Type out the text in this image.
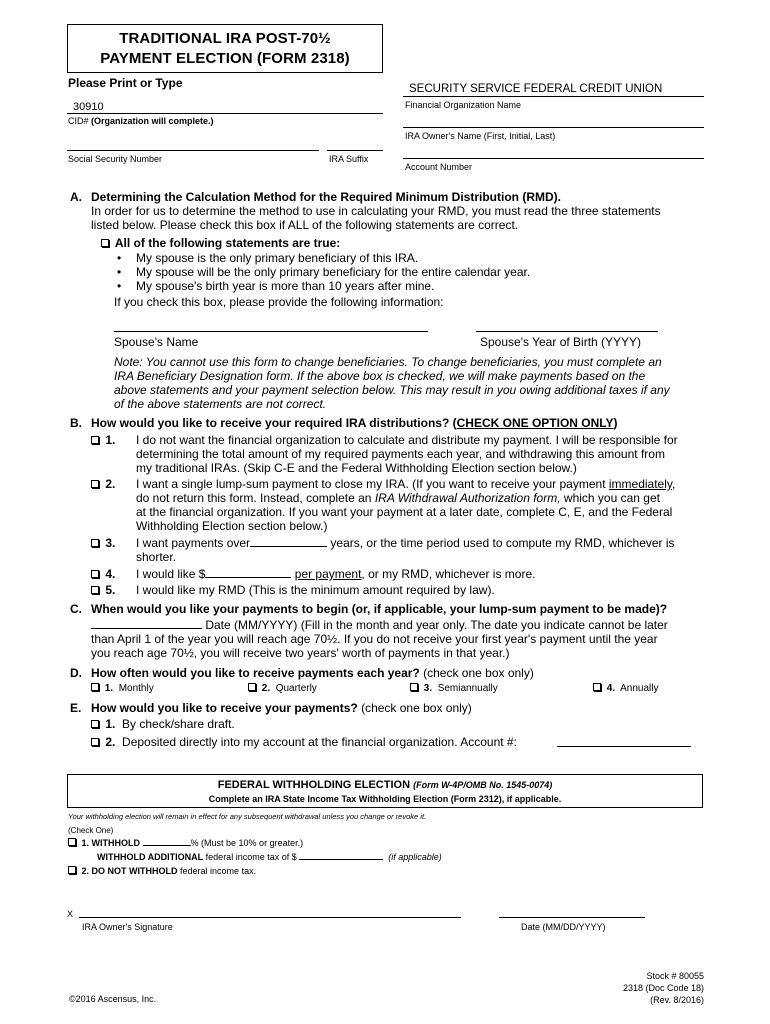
TRADITIONAL IRA POST-70½
PAYMENT ELECTION (FORM 2318)
Please Print or Type	SECURITY SERVICE FEDERAL CREDIT UNION
Financial Organization Name
IRA Owner's Name (First, Initial, Last)
Account Number
30910
CID# (Organization will complete.)
Social Security Number	IRA Suffix
A. Determining the Calculation Method for the Required Minimum Distribution (RMD).
In order for us to determine the method to use in calculating your RMD, you must read the three statements
listed below. Please check this box if ALL of the following statements are correct.
All of the following statements are true:
•	My spouse is the only primary beneficiary of this IRA.
• My spouse will be the only primary beneficiary for the entire calendar year.
• My spouse's birth year is more than 10 years after mine.
If you check this box, please provide the following information:
Spouse's Name	Spouse's Year of Birth (YYYY)
Note: You cannot use this form to change beneficiaries. To change beneficiaries, you must complete an
IRA Beneficiary Designation form. If the above box is checked, we will make payments based on the
above statements and your payment selection below. This may result in you owing additional taxes if any
of the above statements are not correct.
B. How would you like to receive your required IRA distributions? (CHECK ONE OPTION ONLY)
1. I do not want the financial organization to calculate and distribute my payment. I will be responsible for
determining the total amount of my required payments each year, and withdrawing this amount from
my traditional IRAs. (Skip C-E and the Federal Withholding Election section below.)
2. I want a single lump-sum payment to close my IRA. (If you want to receive your payment immediately,
do not return this form. Instead, complete an IRA Withdrawal Authorization form, which you can get
at the financial organization. If you want your payment at a later date, complete C, E, and the Federal
Withholding Election section below.)
3. I want payments over	years, or the time period used to compute my RMD, whichever is
shorter.
4. I would like $	per payment, or my RMD, whichever is more.
5. I would like my RMD (This is the minimum amount required by law).
C. When would you like your payments to begin (or, if applicable, your lump-sum payment to be made)?
Date (MM/YYYY) (Fill in the month and year only. The date you indicate cannot be later
than April 1 of the year you will reach age 70½. If you do not receive your first year's payment until the year
you reach age 70½, you will receive two years' worth of payments in that year.)
D. How often would you like to receive payments each year? (check one box only)
1. Monthly	2. Quarterly	3. Semiannually	4. Annually
E. How would you like to receive your payments? (check one box only)
1. By check/share draft.
2. Deposited directly into my account at the financial organization. Account #:
FEDERAL WITHHOLDING ELECTION (Form W-4P/OMB No. 1545-0074)
Complete an IRA State Income Tax Withholding Election (Form 2312), if applicable.
Your withholding election will remain in effect for any subsequent withdrawal unless you change or revoke it.
(Check One)
1. WITHHOLD	% (Must be 10% or greater.)
WITHHOLD ADDITIONAL federal income tax of $	(if applicable)
2. DO NOT WITHHOLD federal income tax.
X
IRA Owner's Signature	Date (MM/DD/YYYY)
©2016 Ascensus, Inc.
Stock # 80055
2318 (Doc Code 18)
(Rev. 8/2016)
